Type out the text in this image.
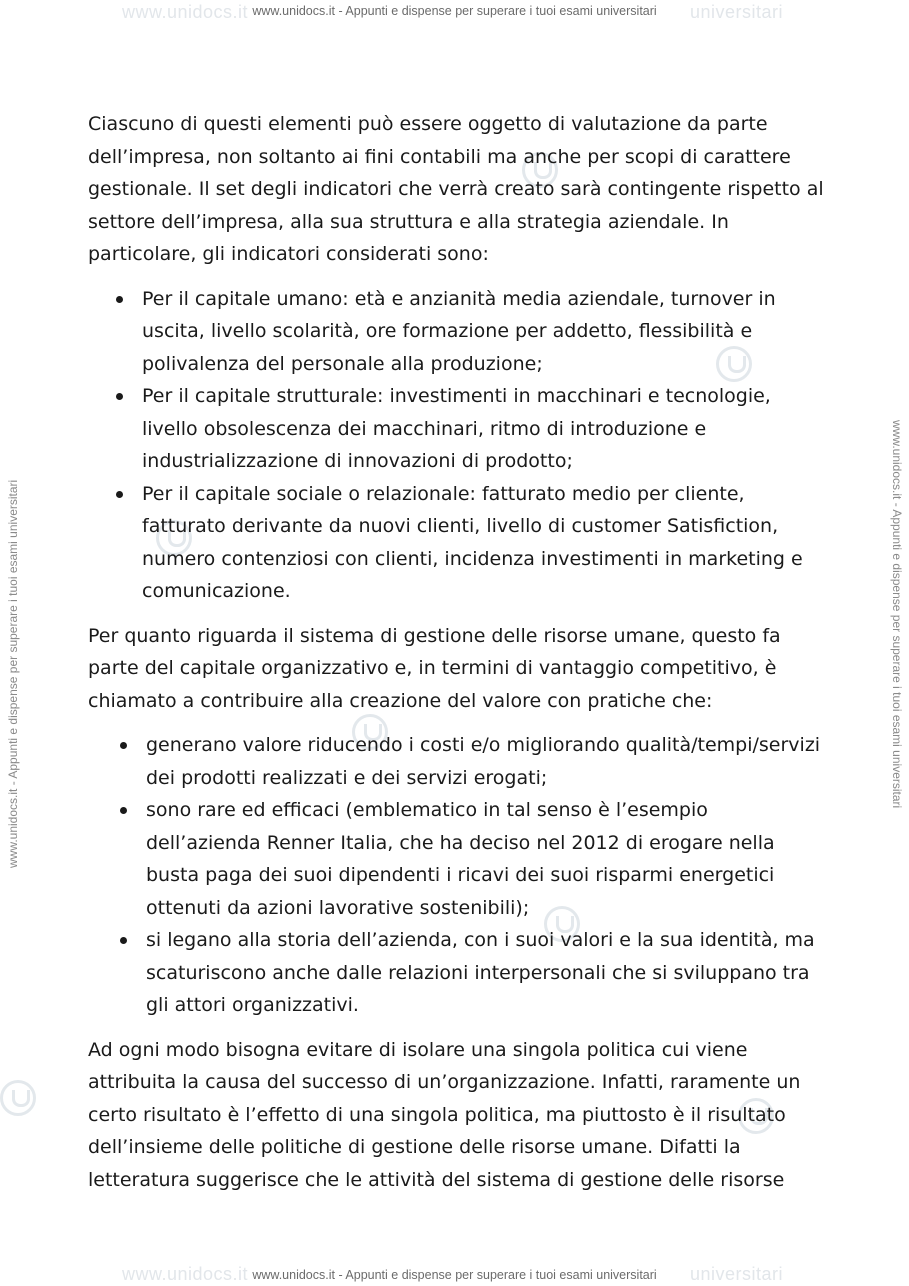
www.unidocs.it	universitari
www.unidocs.it	universitari
www.unidocs.it - Appunti e dispense per superare i tuoi esami universitari
www.unidocs.it - Appunti e dispense per superare i tuoi esami universitari
www.unidocs.it - Appunti e dispense per superare i tuoi esami universitari	www.unidocs.it - Appunti e dispense per superare i tuoi esami universitari

Ciascuno di questi elementi può essere oggetto di valutazione da parte dell’impresa, non soltanto ai fini contabili ma anche per scopi di carattere gestionale. Il set degli indicatori che verrà creato sarà contingente rispetto al settore dell’impresa, alla sua struttura e alla strategia aziendale. In particolare, gli indicatori considerati sono:

Per il capitale umano: età e anzianità media aziendale, turnover in uscita, livello scolarità, ore formazione per addetto, flessibilità e polivalenza del personale alla produzione;
Per il capitale strutturale: investimenti in macchinari e tecnologie, livello obsolescenza dei macchinari, ritmo di introduzione e industrializzazione di innovazioni di prodotto;
Per il capitale sociale o relazionale: fatturato medio per cliente, fatturato derivante da nuovi clienti, livello di customer Satisfiction, numero contenziosi con clienti, incidenza investimenti in marketing e comunicazione.

Per quanto riguarda il sistema di gestione delle risorse umane, questo fa parte del capitale organizzativo e, in termini di vantaggio competitivo, è chiamato a contribuire alla creazione del valore con pratiche che:

generano valore riducendo i costi e/o migliorando qualità/tempi/servizi dei prodotti realizzati e dei servizi erogati;
sono rare ed efficaci (emblematico in tal senso è l’esempio dell’azienda Renner Italia, che ha deciso nel 2012 di erogare nella busta paga dei suoi dipendenti i ricavi dei suoi risparmi energetici ottenuti da azioni lavorative sostenibili);
si legano alla storia dell’azienda, con i suoi valori e la sua identità, ma scaturiscono anche dalle relazioni interpersonali che si sviluppano tra gli attori organizzativi.

Ad ogni modo bisogna evitare di isolare una singola politica cui viene attribuita la causa del successo di un’organizzazione. Infatti, raramente un certo risultato è l’effetto di una singola politica, ma piuttosto è il risultato dell’insieme delle politiche di gestione delle risorse umane. Difatti la letteratura suggerisce che le attività del sistema di gestione delle risorse
